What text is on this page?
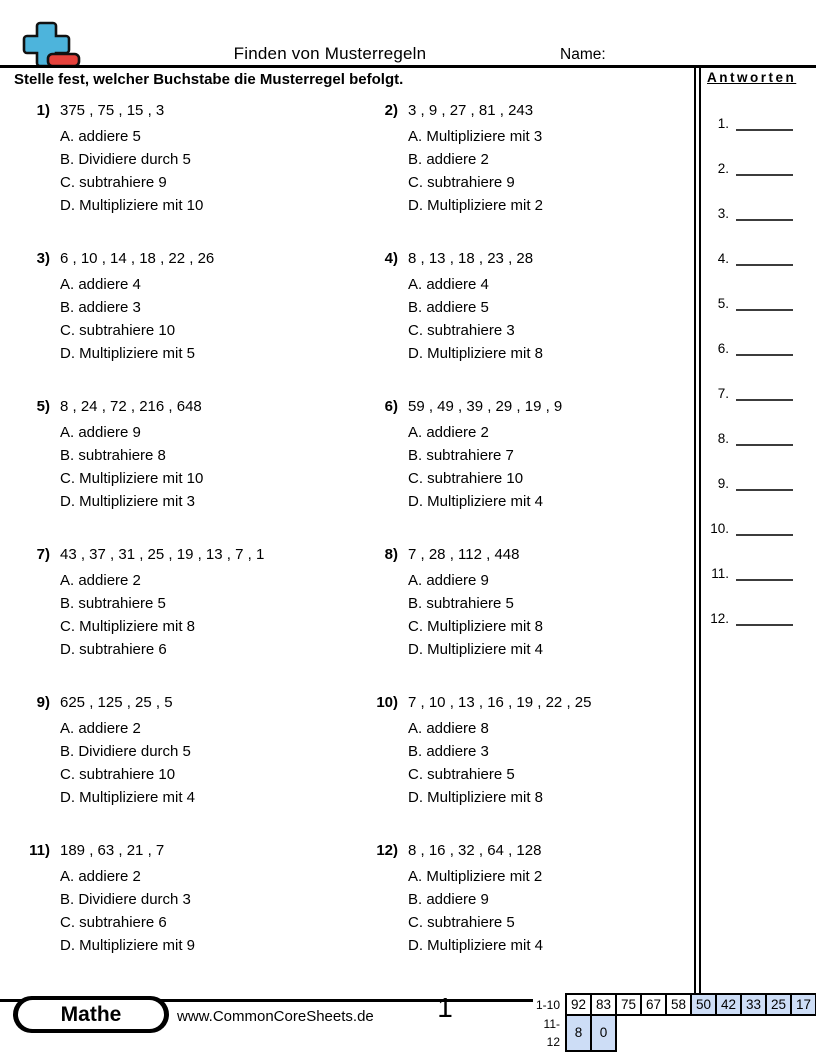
Finden von Musterregeln	Name:
Stelle fest, welcher Buchstabe die Musterregel befolgt.	Antworten
1.
2.
3.
4.
5.
6.
7.
8.
9.
10.
11.
12.
1) 375 , 75 , 15 , 3
A. addiere 5
B. Dividiere durch 5
C. subtrahiere 9
D. Multipliziere mit 10
2) 3 , 9 , 27 , 81 , 243
A. Multipliziere mit 3
B. addiere 2
C. subtrahiere 9
D. Multipliziere mit 2
3) 6 , 10 , 14 , 18 , 22 , 26
A. addiere 4
B. addiere 3
C. subtrahiere 10
D. Multipliziere mit 5
4) 8 , 13 , 18 , 23 , 28
A. addiere 4
B. addiere 5
C. subtrahiere 3
D. Multipliziere mit 8
5) 8 , 24 , 72 , 216 , 648
A. addiere 9
B. subtrahiere 8
C. Multipliziere mit 10
D. Multipliziere mit 3
6) 59 , 49 , 39 , 29 , 19 , 9
A. addiere 2
B. subtrahiere 7
C. subtrahiere 10
D. Multipliziere mit 4
7) 43 , 37 , 31 , 25 , 19 , 13 , 7 , 1
A. addiere 2
B. subtrahiere 5
C. Multipliziere mit 8
D. subtrahiere 6
8) 7 , 28 , 112 , 448
A. addiere 9
B. subtrahiere 5
C. Multipliziere mit 8
D. Multipliziere mit 4
9) 625 , 125 , 25 , 5
A. addiere 2
B. Dividiere durch 5
C. subtrahiere 10
D. Multipliziere mit 4
10) 7 , 10 , 13 , 16 , 19 , 22 , 25
A. addiere 8
B. addiere 3
C. subtrahiere 5
D. Multipliziere mit 8
11) 189 , 63 , 21 , 7
A. addiere 2
B. Dividiere durch 3
C. subtrahiere 6
D. Multipliziere mit 9
12) 8 , 16 , 32 , 64 , 128
A. Multipliziere mit 2
B. addiere 9
C. subtrahiere 5
D. Multipliziere mit 4
Mathe	www.CommonCoreSheets.de	1	1-10	92	83	75	67	58	50	42	33	25	17
11-12	8	0								
